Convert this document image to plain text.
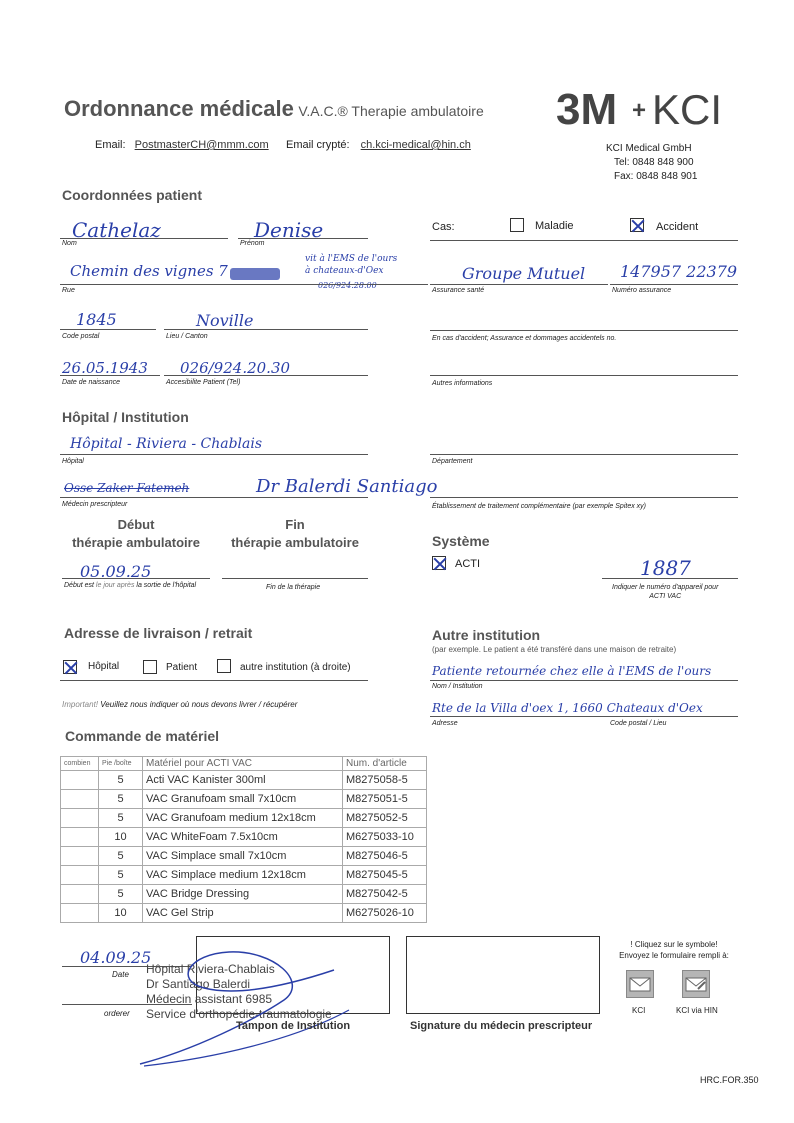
Ordonnance médicale V.A.C.® Therapie ambulatoire 3M + KCI
Email: PostmasterCH@mmm.com Email crypté: ch.kci-medical@hin.ch	KCI Medical GmbH
Tel: 0848 848 900
Fax: 0848 848 901
Coordonnées patient
Cathelaz
Nom
Denise
Prénom
Cas:	Maladie	Accident
Chemin des vignes 7
vit à l'EMS de l'ours
à chateaux-d'Oex
026/924.28.00
Rue
Groupe Mutuel
Assurance santé
147957 22379
Numéro assurance
1845
Code postal
Noville
Lieu / Canton	En cas d'accident; Assurance et dommages accidentels no.
26.05.1943
Date de naissance
026/924.20.30
Accesibilite Patient (Tel)	Autres informations
Hôpital / Institution
Hôpital - Riviera - Chablais
Hôpital	Département
Osse Zaker Fatemeh	Dr Balerdi Santiago
Médecin prescripteur	Établissement de traitement complémentaire (par exemple Spitex xy)
Début
thérapie ambulatoire
Fin
thérapie ambulatoire
05.09.25
Début est le jour après la sortie de l'hôpital	Fin de la thérapie
Système
ACTI	1887
Indiquer le numéro d'appareil pour
ACTI VAC
Adresse de livraison / retrait
Hôpital	Patient	autre institution (à droite)
Important! Veuillez nous indiquer où nous devons livrer / récupérer
Autre institution
(par exemple. Le patient a été transféré dans une maison de retraite)
Patiente retournée chez elle à l'EMS de l'ours
Nom / Institution
Rte de la Villa d'oex 1, 1660 Chateaux d'Oex
Adresse	Code postal / Lieu
Commande de matériel
combien	Pie /boîte	Matériel pour ACTI VAC	Num. d'article
	5	Acti VAC Kanister 300ml	M8275058-5
	5	VAC Granufoam small 7x10cm	M8275051-5
	5	VAC Granufoam medium 12x18cm	M8275052-5
	10	VAC WhiteFoam 7.5x10cm	M6275033-10
	5	VAC Simplace small 7x10cm	M8275046-5
	5	VAC Simplace medium 12x18cm	M8275045-5
	5	VAC Bridge Dressing	M8275042-5
	10	VAC Gel Strip	M6275026-10
04.09.25
Date
orderer
Hôpital Riviera-Chablais
Dr Santiago Balerdi
Médecin assistant 6985
Service d'orthopédie-traumatologie
Tampon de Institution	Signature du médecin prescripteur
! Cliquez sur le symbole!
Envoyez le formulaire rempli à:
KCI	KCI via HIN
HRC.FOR.350
